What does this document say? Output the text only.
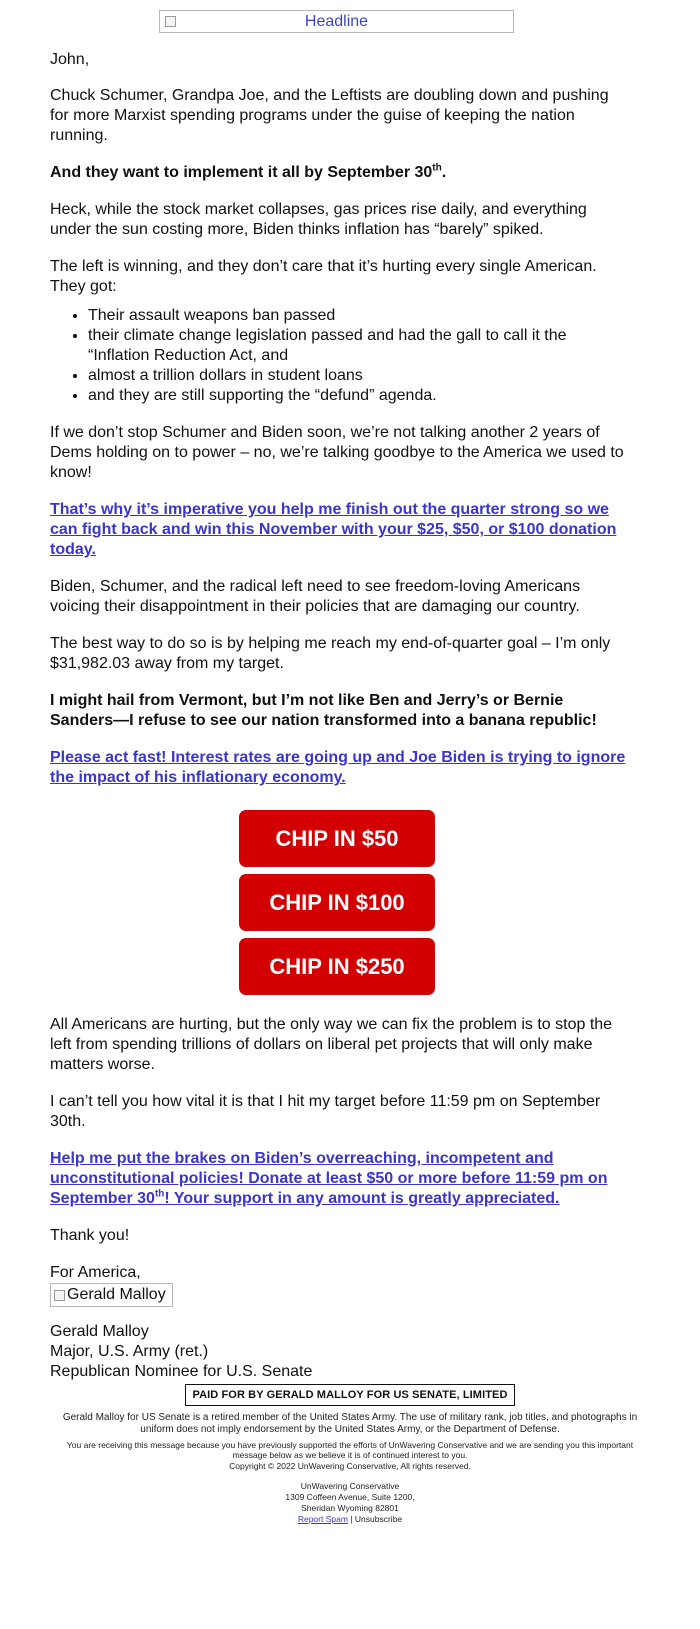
Headline

John,

Chuck Schumer, Grandpa Joe, and the Leftists are doubling down and pushing for more Marxist spending programs under the guise of keeping the nation running.

And they want to implement it all by September 30th.

Heck, while the stock market collapses, gas prices rise daily, and everything under the sun costing more, Biden thinks inflation has “barely” spiked.

The left is winning, and they don’t care that it’s hurting every single American. They got:

• Their assault weapons ban passed
• their climate change legislation passed and had the gall to call it the “Inflation Reduction Act, and
• almost a trillion dollars in student loans
• and they are still supporting the “defund” agenda.

If we don’t stop Schumer and Biden soon, we’re not talking another 2 years of Dems holding on to power – no, we’re talking goodbye to the America we used to know!

That’s why it’s imperative you help me finish out the quarter strong so we can fight back and win this November with your $25, $50, or $100 donation today.

Biden, Schumer, and the radical left need to see freedom-loving Americans voicing their disappointment in their policies that are damaging our country.

The best way to do so is by helping me reach my end-of-quarter goal – I’m only $31,982.03 away from my target.

I might hail from Vermont, but I’m not like Ben and Jerry’s or Bernie Sanders—I refuse to see our nation transformed into a banana republic!

Please act fast! Interest rates are going up and Joe Biden is trying to ignore the impact of his inflationary economy.

CHIP IN $50
CHIP IN $100
CHIP IN $250

All Americans are hurting, but the only way we can fix the problem is to stop the left from spending trillions of dollars on liberal pet projects that will only make matters worse.

I can’t tell you how vital it is that I hit my target before 11:59 pm on September 30th.

Help me put the brakes on Biden’s overreaching, incompetent and unconstitutional policies! Donate at least $50 or more before 11:59 pm on September 30th! Your support in any amount is greatly appreciated.

Thank you!

For America,

Gerald Malloy
Gerald Malloy
Major, U.S. Army (ret.)
Republican Nominee for U.S. Senate
PAID FOR BY GERALD MALLOY FOR US SENATE, LIMITED
Gerald Malloy for US Senate is a retired member of the United States Army. The use of military rank, job titles, and photographs in uniform does not imply endorsement by the United States Army, or the Department of Defense.
You are receiving this message because you have previously supported the efforts of UnWavering Conservative and we are sending you this important message below as we believe it is of continued interest to you.
Copyright © 2022 UnWavering Conservative, All rights reserved.
UnWavering Conservative
1309 Coffeen Avenue, Suite 1200,
Sheridan Wyoming 82801
Report Spam | Unsubscribe
